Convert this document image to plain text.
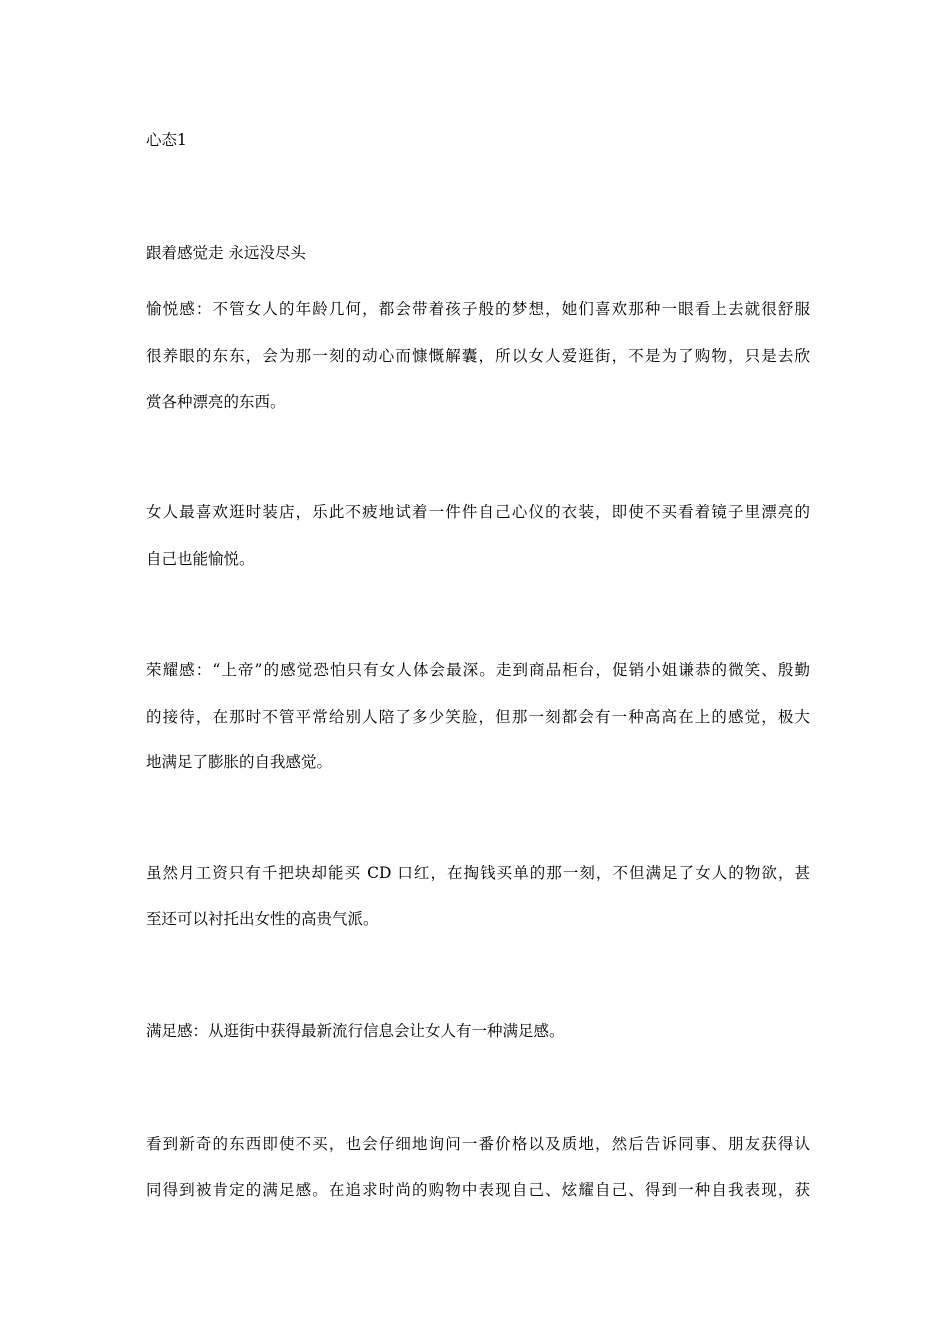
心态1
跟着感觉走 永远没尽头
愉悦感：不管女人的年龄几何，都会带着孩子般的梦想，她们喜欢那种一眼看上去就很舒服
很养眼的东东，会为那一刻的动心而慷慨解囊，所以女人爱逛街，不是为了购物，只是去欣
赏各种漂亮的东西。
女人最喜欢逛时装店，乐此不疲地试着一件件自己心仪的衣装，即使不买看着镜子里漂亮的
自己也能愉悦。
荣耀感：“上帝”的感觉恐怕只有女人体会最深。走到商品柜台，促销小姐谦恭的微笑、殷勤
的接待，在那时不管平常给别人陪了多少笑脸，但那一刻都会有一种高高在上的感觉，极大
地满足了膨胀的自我感觉。
虽然月工资只有千把块却能买 CD 口红，在掏钱买单的那一刻，不但满足了女人的物欲，甚
至还可以衬托出女性的高贵气派。
满足感：从逛街中获得最新流行信息会让女人有一种满足感。
看到新奇的东西即使不买，也会仔细地询问一番价格以及质地，然后告诉同事、朋友获得认
同得到被肯定的满足感。在追求时尚的购物中表现自己、炫耀自己、得到一种自我表现，获
